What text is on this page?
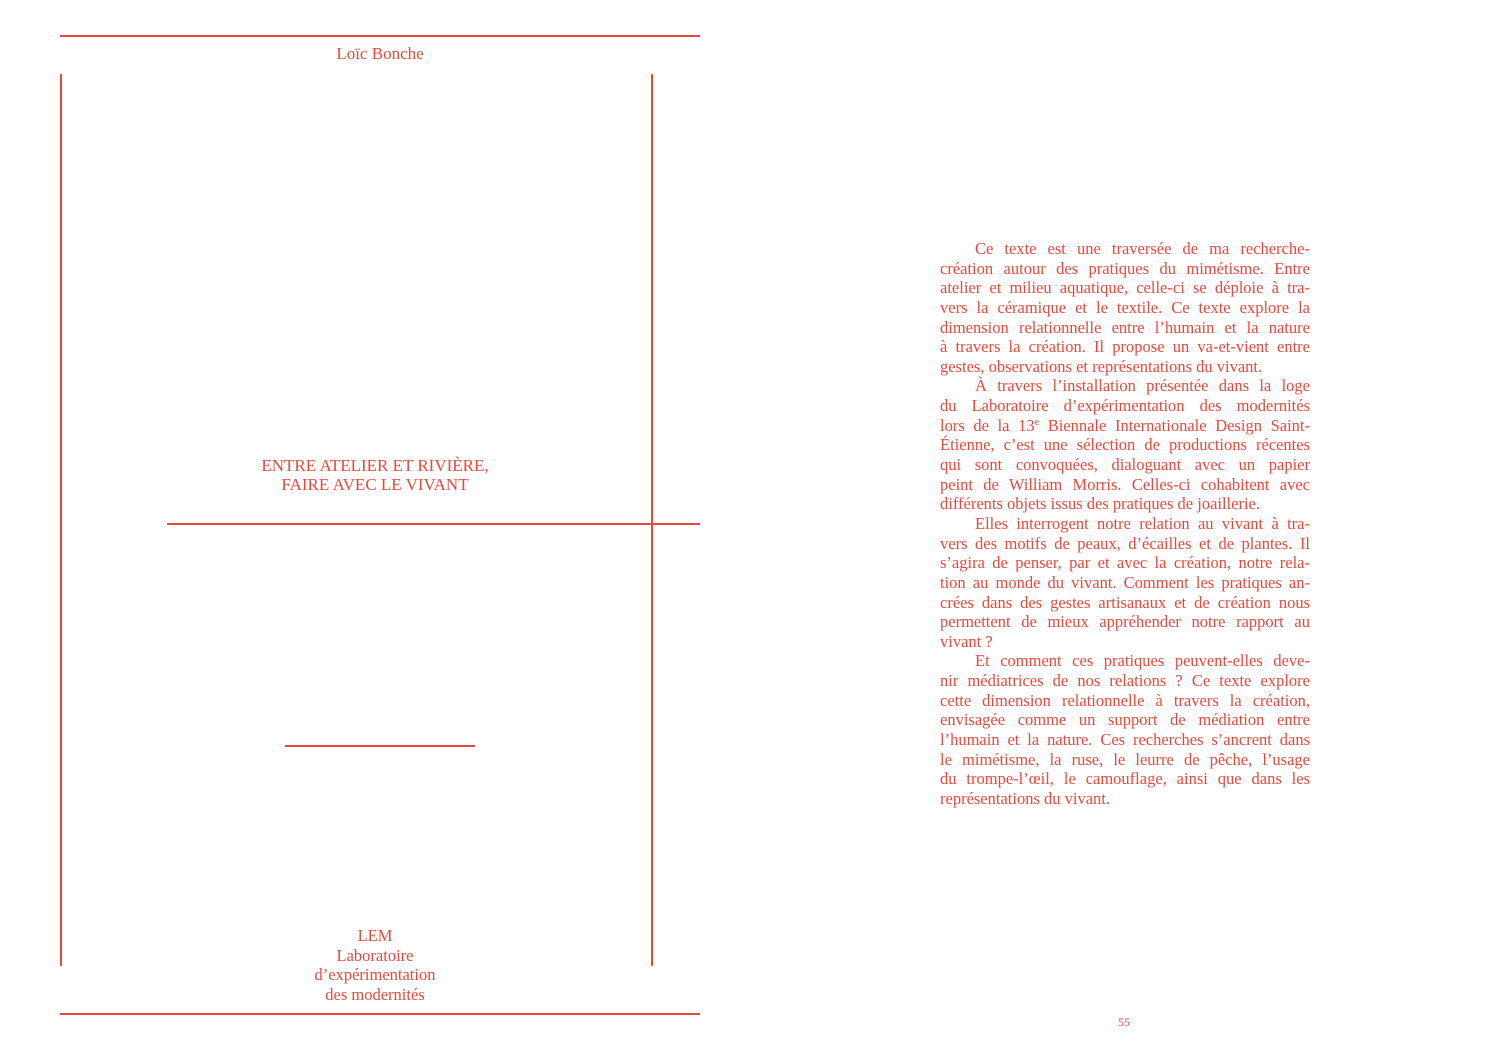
Loïc Bonche
ENTRE ATELIER ET RIVIÈRE,
FAIRE AVEC LE VIVANT
LEM
Laboratoire
d’expérimentation
des modernités
Ce texte est une traversée de ma recherche-
création autour des pratiques du mimétisme. Entre
atelier et milieu aquatique, celle-ci se déploie à tra-
vers la céramique et le textile. Ce texte explore la
dimension relationnelle entre l’humain et la nature
à travers la création. Il propose un va-et-vient entre
gestes, observations et représentations du vivant.
À travers l’installation présentée dans la loge
du Laboratoire d’expérimentation des modernités
lors de la 13e Biennale Internationale Design Saint-
Étienne, c’est une sélection de productions récentes
qui sont convoquées, dialoguant avec un papier
peint de William Morris. Celles-ci cohabitent avec
différents objets issus des pratiques de joaillerie.
Elles interrogent notre relation au vivant à tra-
vers des motifs de peaux, d’écailles et de plantes. Il
s’agira de penser, par et avec la création, notre rela-
tion au monde du vivant. Comment les pratiques an-
crées dans des gestes artisanaux et de création nous
permettent de mieux appréhender notre rapport au
vivant ?
Et comment ces pratiques peuvent-elles deve-
nir médiatrices de nos relations ? Ce texte explore
cette dimension relationnelle à travers la création,
envisagée comme un support de médiation entre
l’humain et la nature. Ces recherches s’ancrent dans
le mimétisme, la ruse, le leurre de pêche, l’usage
du trompe-l’œil, le camouflage, ainsi que dans les
représentations du vivant.
55
